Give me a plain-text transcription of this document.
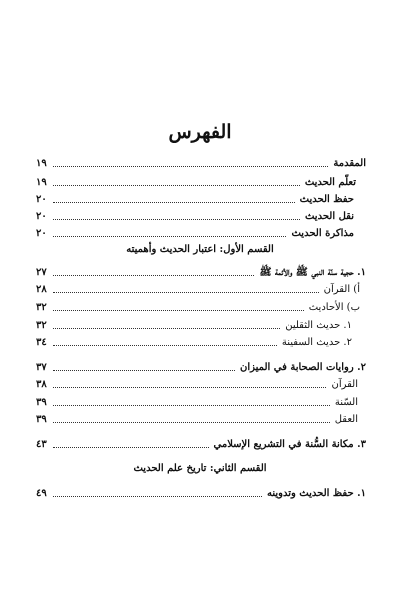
الفهرس
المقدمة
١٩
تعلّم الحديث
١٩
حفظ الحديث
٢٠
نقل الحديث
٢٠
مذاكرة الحديث
٢٠
القسم الأول: اعتبار الحديث وأهميته
١. حجية سنّة النبي ﷺ والأئمة ﷺ
٢٧
أ) القرآن
٢٨
ب) الأحاديث
٣٢
١. حديث الثقلين
٣٢
٢. حديث السفينة
٣٤
٢. روايات الصحابة في الميزان
٣٧
القرآن
٣٨
السّنة
٣٩
العقل
٣٩
٣. مكانة السُّنة في التشريع الإسلامي
٤٣
القسم الثاني: تاريخ علم الحديث
١. حفظ الحديث وتدوينه
٤٩
